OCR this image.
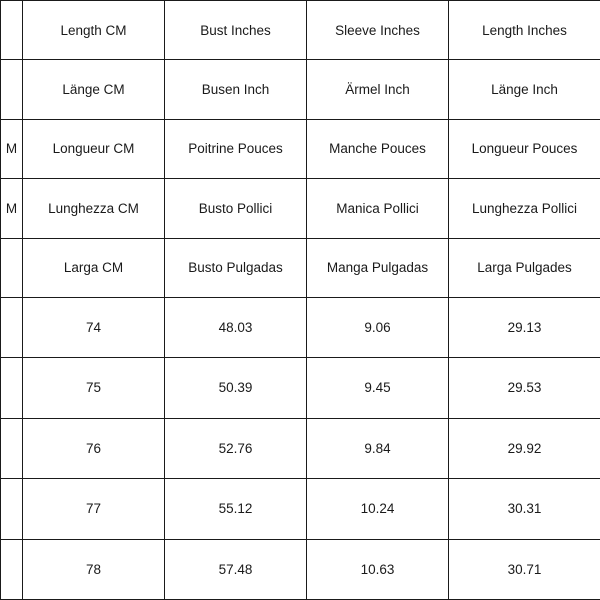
	Length CM	Bust Inches	Sleeve Inches	Length Inches
	Länge CM	Busen Inch	Ärmel Inch	Länge Inch
M	Longueur CM	Poitrine Pouces	Manche Pouces	Longueur Pouces
M	Lunghezza CM	Busto Pollici	Manica Pollici	Lunghezza Pollici
	Larga CM	Busto Pulgadas	Manga Pulgadas	Larga Pulgades
	74	48.03	9.06	29.13
	75	50.39	9.45	29.53
	76	52.76	9.84	29.92
	77	55.12	10.24	30.31
	78	57.48	10.63	30.71
